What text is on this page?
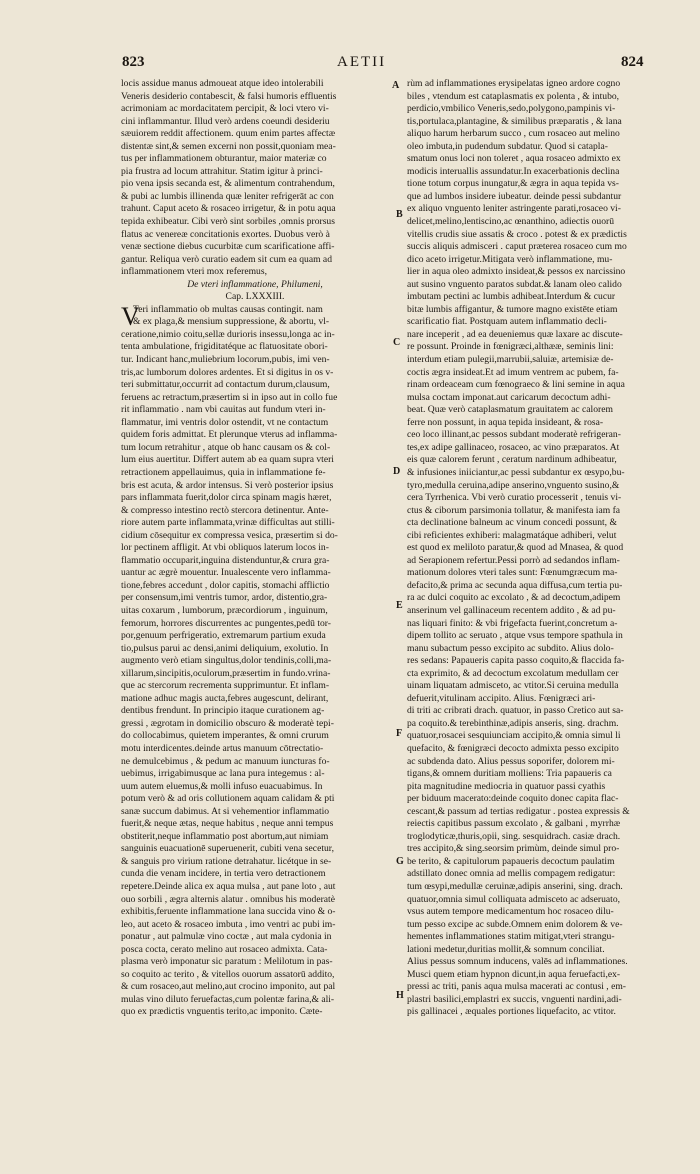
823	AETII	824
locis assidue manus admoueat atque ideo intolerabili
Veneris desiderio contabescit, & falsi humoris effluentis
acrimoniam ac mordacitatem percipit, & loci vtero vi-
cini inflammantur. Illud verò ardens coeundi desideriu
sæuiorem reddit affectionem. quum enim partes affectæ
distentæ sint,& semen excerni non possit,quoniam mea-
tus per inflammationem obturantur, maior materiæ co
pia frustra ad locum attrahitur. Statim igitur à princi-
pio vena ipsis secanda est, & alimentum contrahendum,
& pubi ac lumbis illinenda quæ leniter refrigerāt ac con
trahunt. Caput aceto & rosaceo irrigetur, & in potu aqua
tepida exhibeatur. Cibi verò sint sorbiles ,omnis prorsus
flatus ac venereæ concitationis exortes. Duobus verò à
venæ sectione diebus cucurbitæ cum scarificatione affi-
gantur. Reliqua verò curatio eadem sit cum ea quam ad
inflammationem vteri mox referemus,
De vteri inflammatione, Philumeni,
Cap. LXXXIII.
Teri inflammatio ob multas causas contingit. nam
& ex plaga,& mensium suppressione, & abortu, vl-
ceratione,nimio coitu,sellæ durioris insessu,longa ac in-
tenta ambulatione, frigiditatéque ac flatuositate obori-
tur. Indicant hanc,muliebrium locorum,pubis, imi ven-
tris,ac lumborum dolores ardentes. Et si digitus in os v-
teri submittatur,occurrit ad contactum durum,clausum,
feruens ac retractum,præsertim si in ipso aut in collo fue
rit inflammatio . nam vbi cauitas aut fundum vteri in-
flammatur, imi ventris dolor ostendit, vt ne contactum
quidem foris admittat. Et plerunque vterus ad inflamma-
tum locum retrahitur , atque ob hanc causam os & col-
lum eius auertitur. Differt autem ab ea quam supra vteri
retractionem appellauimus, quia in inflammatione fe-
bris est acuta, & ardor intensus. Si verò posterior ipsius
pars inflammata fuerit,dolor circa spinam magis hæret,
& compresso intestino rectò stercora detinentur. Ante-
riore autem parte inflammata,vrinæ difficultas aut stilli-
cidium cōsequitur ex compressa vesica, præsertim si do-
lor pectinem affligit. At vbi obliquos laterum locos in-
flammatio occuparit,inguina distenduntur,& crura gra-
uantur ac ægrè mouentur. Inualescente vero inflamma-
tione,febres accedunt , dolor capitis, stomachi afflictio
per consensum,imi ventris tumor, ardor, distentio,gra-
uitas coxarum , lumborum, præcordiorum , inguinum,
femorum, horrores discurrentes ac pungentes,pedū tor-
por,genuum perfrigeratio, extremarum partium exuda
tio,pulsus parui ac densi,animi deliquium, exolutio. In
augmento verò etiam singultus,dolor tendinis,colli,ma-
xillarum,sincipitis,oculorum,præsertim in fundo.vrina-
que ac stercorum recrementa supprimuntur. Et inflam-
matione adhuc magis aucta,febres augescunt, delirant,
dentibus frendunt. In principio itaque curationem ag-
gressi , ægrotam in domicilio obscuro & moderatè tepi-
do collocabimus, quietem imperantes, & omni crurum
motu interdicentes.deinde artus manuum cōtrectatio-
ne demulcebimus , & pedum ac manuum iuncturas fo-
uebimus, irrigabimusque ac lana pura integemus : al-
uum autem eluemus,& molli infuso euacuabimus. In
potum verò & ad oris collutionem aquam calidam & pti
sanæ succum dabimus. At si vehementior inflammatio
fuerit,& neque ætas, neque habitus , neque anni tempus
obstiterit,neque inflammatio post abortum,aut nimiam
sanguinis euacuationē superuenerit, cubiti vena secetur,
& sanguis pro virium ratione detrahatur. licétque in se-
cunda die venam incidere, in tertia vero detractionem
repetere.Deinde alica ex aqua mulsa , aut pane loto , aut
ouo sorbili , ægra alternis alatur . omnibus his moderatè
exhibitis,feruente inflammatione lana succida vino & o-
leo, aut aceto & rosaceo imbuta , imo ventri ac pubi im-
ponatur , aut palmulæ vino coctæ , aut mala cydonia in
posca cocta, cerato melino aut rosaceo admixta. Cata-
plasma verò imponatur sic paratum : Melilotum in pas-
so coquito ac terito , & vitellos ouorum assatorū addito,
& cum rosaceo,aut melino,aut crocino imponito, aut pal
mulas vino diluto feruefactas,cum polentæ farina,& ali-
quo ex prædictis vnguentis terito,ac imponito. Cæte-
rùm ad inflammationes erysipelatas igneo ardore cogno
biles , vtendum est cataplasmatis ex polenta , & intubo,
perdicio,vmbilico Veneris,sedo,polygono,pampinis vi-
tis,portulaca,plantagine, & similibus præparatis , & lana
aliquo harum herbarum succo , cum rosaceo aut melino
oleo imbuta,in pudendum subdatur. Quod si catapla-
smatum onus loci non toleret , aqua rosaceo admixto ex
modicis interuallis assundatur.In exacerbationis declina
tione totum corpus inungatur,& ægra in aqua tepida vs-
que ad lumbos insidere iubeatur. deinde pessi subdantur
ex aliquo vnguento leniter astringente parati,rosaceo vi-
delicet,melino,lentiscino,ac œnanthino, adiectis ouorū
vitellis crudis siue assatis & croco . potest & ex prædictis
succis aliquis admisceri . caput præterea rosaceo cum mo
dico aceto irrigetur.Mitigata verò inflammatione, mu-
lier in aqua oleo admixto insideat,& pessos ex narcissino
aut susino vnguento paratos subdat.& lanam oleo calido
imbutam pectini ac lumbis adhibeat.Interdum & cucur
bitæ lumbis affigantur, & tumore magno existēte etiam
scarificatio fiat. Postquam autem inflammatio decli-
nare inceperit , ad ea deueniemus quæ laxare ac discute-
re possunt. Proinde in fœnigræci,althææ, seminis lini:
interdum etiam pulegii,marrubii,saluiæ, artemisiæ de-
coctis ægra insideat.Et ad imum ventrem ac pubem, fa-
rinam ordeaceam cum fœnograeco & lini semine in aqua
mulsa coctam imponat.aut caricarum decoctum adhi-
beat. Quæ verò cataplasmatum grauitatem ac calorem
ferre non possunt, in aqua tepida insideant, & rosa-
ceo loco illinant,ac pessos subdant moderatè refrigeran-
tes,ex adipe gallinaceo, rosaceo, ac vino præparatos. At
eis quæ calorem ferunt , ceratum nardinum adhibeatur,
& infusiones iniiciantur,ac pessi subdantur ex œsypo,bu-
tyro,medulla ceruina,adipe anserino,vnguento susino,&
cera Tyrrhenica. Vbi verò curatio processerit , tenuis vi-
ctus & ciborum parsimonia tollatur, & manifesta iam fa
cta declinatione balneum ac vinum concedi possunt, &
cibi reficientes exhiberi: malagmatáque adhiberi, velut
est quod ex meliloto paratur,& quod ad Mnasea, & quod
ad Serapionem refertur.Pessi porrò ad sedandos inflam-
mationum dolores vteri tales sunt: Fœnumgræcum ma-
defacito,& prima ac secunda aqua diffusa,cum tertia pu-
ra ac dulci coquito ac excolato , & ad decoctum,adipem
anserinum vel gallinaceum recentem addito , & ad pu-
nas liquari finito: & vbi frigefacta fuerint,concretum a-
dipem tollito ac seruato , atque vsus tempore spathula in
manu subactum pesso excipito ac subdito. Alius dolo-
res sedans: Papaueris capita passo coquito,& flaccida fa-
cta exprimito, & ad decoctum excolatum medullam cer
uinam liquatam admisceto, ac vtitor.Si ceruina medulla
defuerit,vitulinam accipito. Alius. Fœnigræci ari-
di triti ac cribrati drach. quatuor, in passo Cretico aut sa-
pa coquito.& terebinthinæ,adipis anseris, sing. drachm.
quatuor,rosacei sesquiunciam accipito,& omnia simul li
quefacito, & fœnigræci decocto admixta pesso excipito
ac subdenda dato. Alius pessus soporifer, dolorem mi-
tigans,& omnem duritiam molliens: Tria papaueris ca
pita magnitudine mediocria in quatuor passi cyathis
per biduum macerato:deinde coquito donec capita flac-
cescant,& passum ad tertias redigatur . postea expressis &
reiectis capitibus passum excolato , & galbani , myrrhæ
troglodyticæ,thuris,opii, sing. sesquidrach. casiæ drach.
tres accipito,& sing.seorsim primùm, deinde simul pro-
be terito, & capitulorum papaueris decoctum paulatim
adstillato donec omnia ad mellis compagem redigatur:
tum œsypi,medullæ ceruinæ,adipis anserini, sing. drach.
quatuor,omnia simul colliquata admisceto ac adseruato,
vsus autem tempore medicamentum hoc rosaceo dilu-
tum pesso excipe ac subde.Omnem enim dolorem & ve-
hementes inflammationes statim mitigat,vteri strangu-
lationi medetur,duritias mollit,& somnum conciliat.
Alius pessus somnum inducens, valēs ad inflammationes.
Musci quem etiam hypnon dicunt,in aqua feruefacti,ex-
pressi ac triti, panis aqua mulsa macerati ac contusi , em-
plastri basilici,emplastri ex succis, vnguenti nardini,adi-
pis gallinacei , æquales portiones liquefacito, ac vtitor.
A
B
C
D
E
F
G
H
V
